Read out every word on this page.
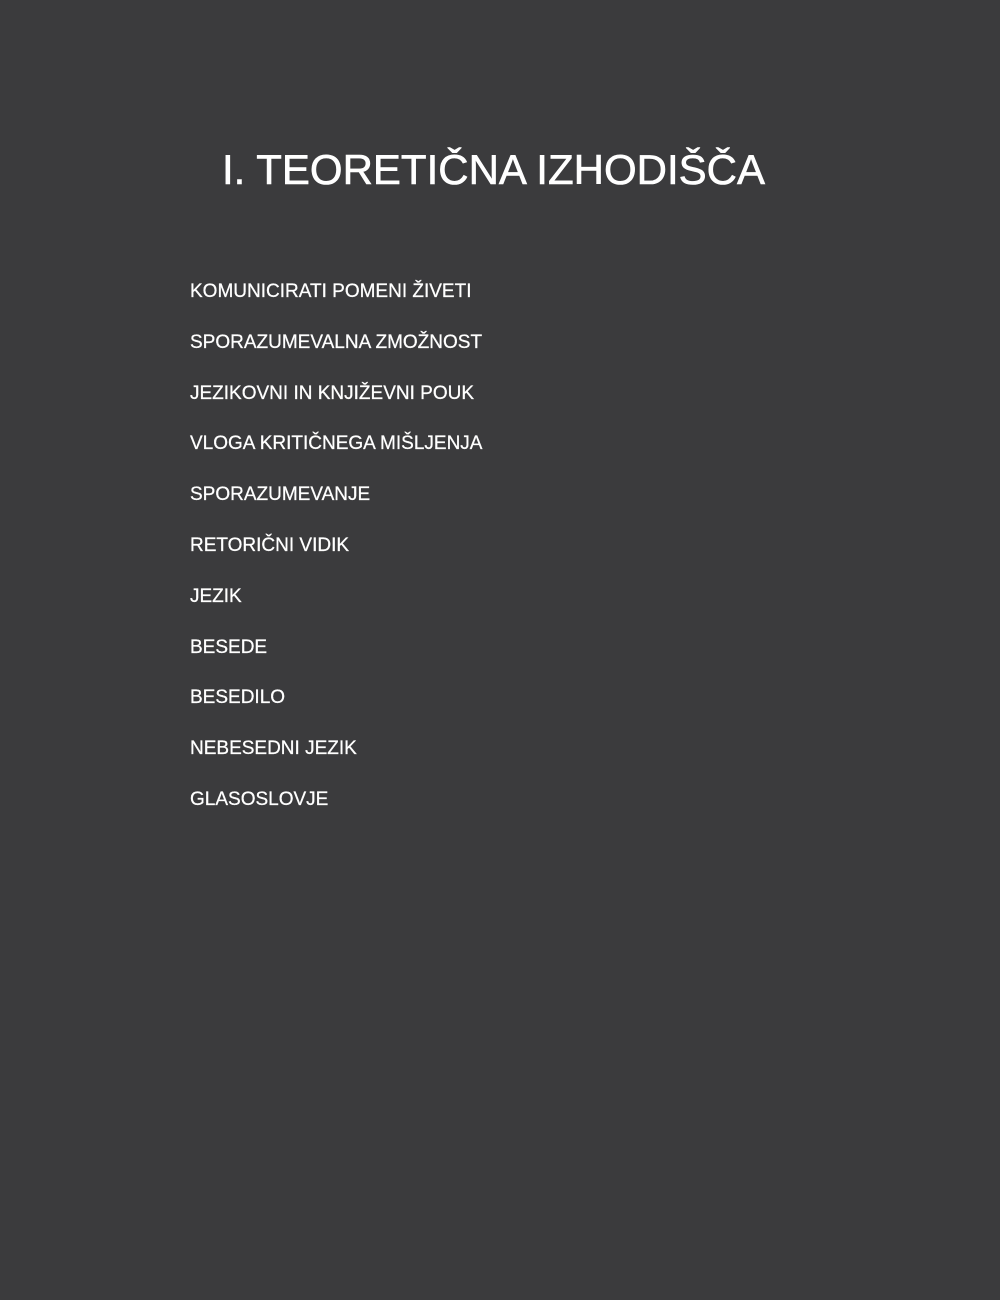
I. TEORETIČNA IZHODIŠČA
KOMUNICIRATI POMENI ŽIVETI
SPORAZUMEVALNA ZMOŽNOST
JEZIKOVNI IN KNJIŽEVNI POUK
VLOGA KRITIČNEGA MIŠLJENJA
SPORAZUMEVANJE
RETORIČNI VIDIK
JEZIK
BESEDE
BESEDILO
NEBESEDNI JEZIK
GLASOSLOVJE
